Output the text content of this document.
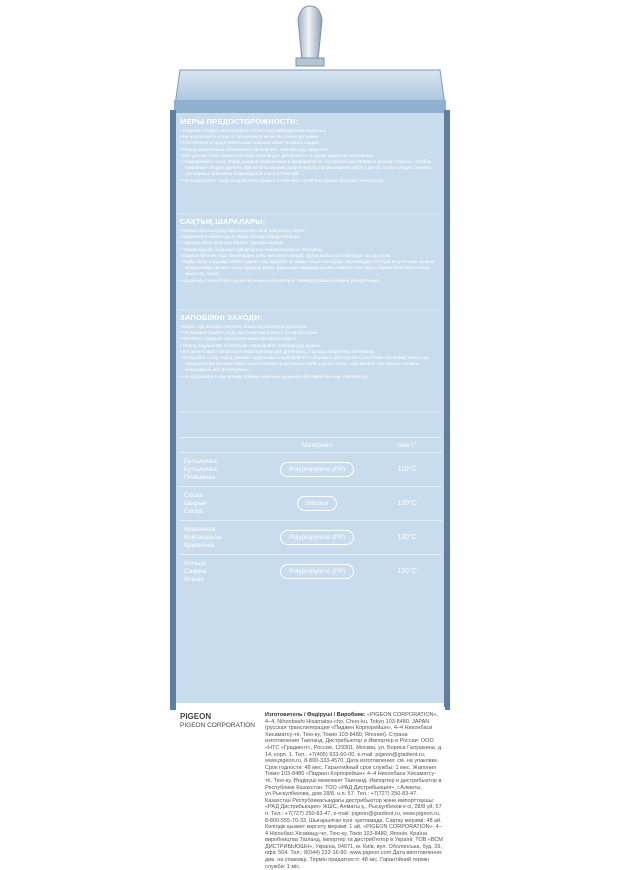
МЕРЫ ПРЕДОСТОРОЖНОСТИ:
• Изделие следует использовать только под наблюдением взрослых.
• Не используйте соску от бутылочки в качестве соски-пустышки.
• Постоянное и продолжительное сосание может вызвать кариес.
• Перед кормлением обязательно проверяйте температуру жидкости.
• Все детали стоит хранить в недоступном для детей месте, в сухом закрытом контейнере.
• Осматривайте соску перед каждым кормлением и проверяйте ее, осторожно растягивая в разные стороны. Особое внимание следует уделять при использовании соски в период прорезывания зубов у детей. Соску следует сменить при первых признаках повреждений или растяжений.
• Не подвергайте соску воздействию прямых солнечных лучей или крайне высоких температур.
САҚТЫҚ ШАРАЛАРЫ:
• Өнімді ересектердің бақылауымен ғана пайдалану керек.
• Шөлмектегі емізікті қуыс емізік ретінде пайдаланбаңыз.
• Тұрақты және ұзақ ему кариес тудыруы мүмкін.
• Тамақтандыру алдында сұйықтықтың температурасын тексеріңіз.
• Барлық бөлшектерді балалардың қолы жетпейтін жерде, құрғақ жабық контейнерде сақтау керек.
• Әрбір емізу алдында емізікті қарап, оны жұқалап әр жаққа созып тексеріңіз. Балалардың тістерді кесу кезінде шырын қолданғанда ерекше назар аударну керек. Шырынды зақымдануының немесе созылудың бірінші белгілері кезінде ауыстыру керек.
• Шырынды тікелей күн сәулесінің немесе өте жоғары температураның әсеріне ұшыратпаңыз.
ЗАПОБІЖНІ ЗАХОДИ:
• Виріб слід використовувати тільки під наглядом дорослих.
• Не використовуйте соску від пляшечки в якості соски-пустушки.
• Постійне і тривале смоктання може викликати карієс.
• Перед годуванням обов'язково перевіряйте температуру рідини.
• Всі деталі варто зберігати в недоступному для дітей місці, в сухому закритому контейнері.
• Оглядайте соску перед кожним годуванням і перевіряйте її, обережно розтягуючи в різні боки. Особливу увагу слід приділяти при використанні соски в період прорізування зубів у дітей. Соску слід змінити при перших ознаках пошкоджень або розтягувань.
• Не піддавайте соску впливу прямих сонячних променів або вкрай високих температур.
	Материал	max t°
Бутылочка
Бутылочка
Пляшечка	Polypropylene (PP)	110°C
Соска
Шырын
Соска	Silicone	120°C
Крышечка
Қақпақшасы
Кришечка	Polypropylene (PP)	120°C
Кольцо
Сақина
Кільце	Polypropylene (PP)	120°C
PIGEON
PIGEON CORPORATION
Изготовитель / Өндіруші / Виробник: «PIGEON CORPORATION», 4–4, Nihonbashi Hisamatsu-cho, Chuo-ku, Tokyo 103-8480, JAPAN (русская транслитерация «Пиджен Корпорейшн», 4–4 Нихонбаси Хисаматсу-тё, Тюо-ку, Токио 103-8480, Япония). Страна изготовления Таиланд. Дистрибьютор и Импортер в России: ООО «НТС «Градиент», Россия, 129301, Москва, ул. Бориса Галушкина, д. 14, корп. 1. Тел.: +7(495) 933-60-00, e-mail: pigeon@gradient.ru, www.pigeon.ru, 8-800-333-4570. Дата изготовления: см. на упаковке. Срок годности: 48 мес. Гарантийный срок службы: 1 мес. Жапония Токио 103-8480 «Пиджен Корпорейшн» 4–4 Нихонбаси Хисаматсу-тё, Тюо-ку. Өндіруші мемлекет Таиланд. Импортер и дистрибьютор в Республике Казахстан: ТОО «РАД Дистрибьюция», г.Алматы, ул.Рыскулбекова, дом 28/8, н.п. 57. Тел.: +7(727) 250-83-47. Казахстан Республикасындағы дистрибьютор және импорттаушы: «РАД Дистрибьюция» ЖШС, Алматы қ., Рыскұлбеков к-сі, 28/8 үй, 57 п. Тел.: +7(727) 250-83-47, e-mail: pigeon@gradient.ru, www.pigeon.ru, 8-800-555-70-33. Шығарылған күні: қаптамада. Сақтау мерзімі: 48 ай. Кепілдік қызмет көрсету мерзімі: 1 ай. «PIGEON CORPORATION», 4–4 Ніхонбасі Хісамацу-чо, Тюо-ку, Токіо 103-8480, Японія. Країна виробництва Таїланд. Імпортер та дистриб'ютор в Україні: ТОВ «ВСМ ДИСТРИБЬЮШН», Україна, 04071, м. Київ, вул. Оболонська, буд. 29, офіс 504. Тел.: 8(044) 232-16-90. www.pigeon.com Дата виготовлення: див. на упаковці. Термін придатності: 48 міс. Гарантійний термін служби: 1 міс.
